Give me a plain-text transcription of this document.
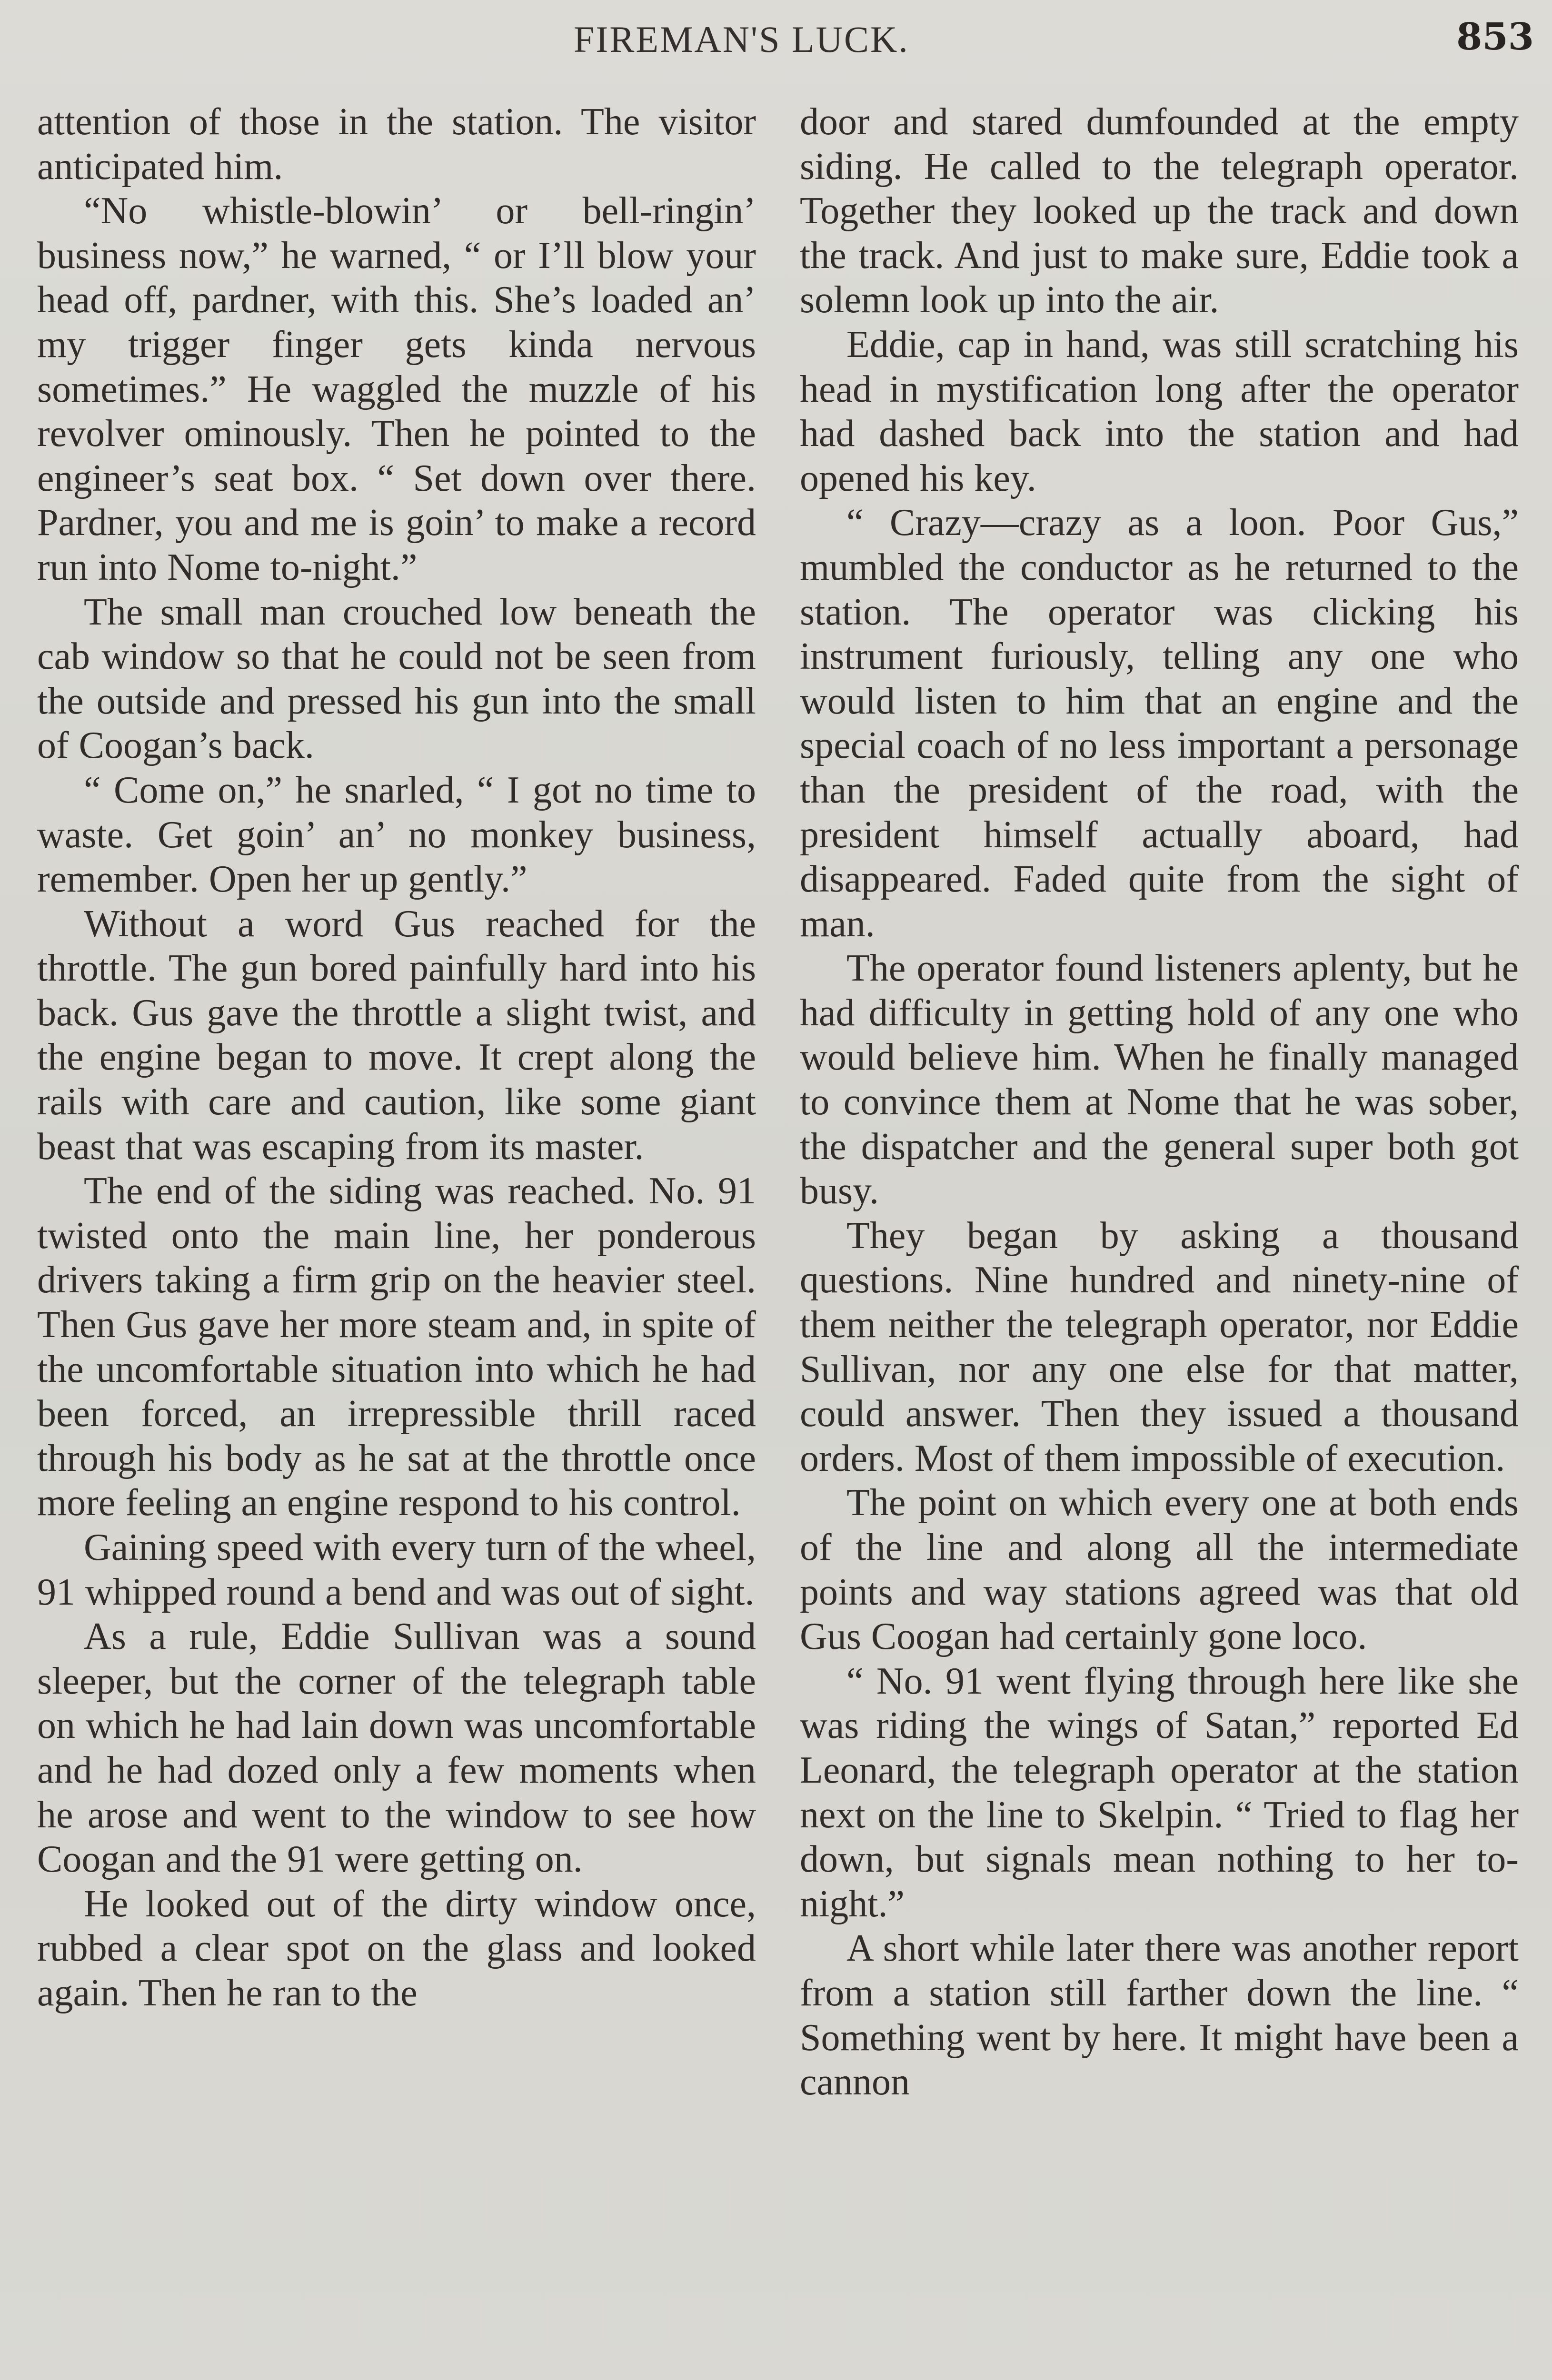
FIREMAN'S LUCK.	853

attention of those in the station. The visitor anticipated him.

“No whistle-blowin’ or bell-ringin’ business now,” he warned, “ or I’ll blow your head off, pardner, with this. She’s loaded an’ my trigger finger gets kinda nervous sometimes.” He waggled the muzzle of his revolver ominously. Then he pointed to the engineer’s seat box. “ Set down over there. Pardner, you and me is goin’ to make a record run into Nome to-night.”

The small man crouched low beneath the cab window so that he could not be seen from the outside and pressed his gun into the small of Coogan’s back.

“ Come on,” he snarled, “ I got no time to waste. Get goin’ an’ no monkey business, remember. Open her up gently.”

Without a word Gus reached for the throttle. The gun bored painfully hard into his back. Gus gave the throttle a slight twist, and the engine began to move. It crept along the rails with care and caution, like some giant beast that was escaping from its master.

The end of the siding was reached. No. 91 twisted onto the main line, her ponderous drivers taking a firm grip on the heavier steel. Then Gus gave her more steam and, in spite of the uncomfortable situation into which he had been forced, an irrepressible thrill raced through his body as he sat at the throttle once more feeling an engine respond to his control.

Gaining speed with every turn of the wheel, 91 whipped round a bend and was out of sight.

As a rule, Eddie Sullivan was a sound sleeper, but the corner of the telegraph table on which he had lain down was uncomfortable and he had dozed only a few moments when he arose and went to the window to see how Coogan and the 91 were getting on.

He looked out of the dirty window once, rubbed a clear spot on the glass and looked again. Then he ran to the

door and stared dumfounded at the empty siding. He called to the telegraph operator. Together they looked up the track and down the track. And just to make sure, Eddie took a solemn look up into the air.

Eddie, cap in hand, was still scratching his head in mystification long after the operator had dashed back into the station and had opened his key.

“ Crazy—crazy as a loon. Poor Gus,” mumbled the conductor as he returned to the station. The operator was clicking his instrument furiously, telling any one who would listen to him that an engine and the special coach of no less important a personage than the president of the road, with the president himself actually aboard, had disappeared. Faded quite from the sight of man.

The operator found listeners aplenty, but he had difficulty in getting hold of any one who would believe him. When he finally managed to convince them at Nome that he was sober, the dispatcher and the general super both got busy.

They began by asking a thousand questions. Nine hundred and ninety-nine of them neither the telegraph operator, nor Eddie Sullivan, nor any one else for that matter, could answer. Then they issued a thousand orders. Most of them impossible of execution.

The point on which every one at both ends of the line and along all the intermediate points and way stations agreed was that old Gus Coogan had certainly gone loco.

“ No. 91 went flying through here like she was riding the wings of Satan,” reported Ed Leonard, the telegraph operator at the station next on the line to Skelpin. “ Tried to flag her down, but signals mean nothing to her to-night.”

A short while later there was another report from a station still farther down the line. “ Something went by here. It might have been a cannon
